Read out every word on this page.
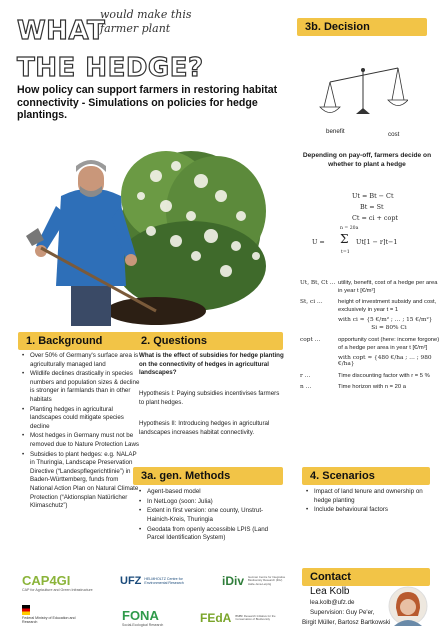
WHAT
would make this farmer plant
THE HEDGE?
How policy can support farmers in restoring habitat connectivity - Simulations on policies for hedge plantings.
3b. Decision
benefit	cost
Depending on pay-off, farmers decide on whether to plant a hedge
Ut = Bt − Ct
Bt = St
Ct = ci + copt
U =
n = 20a
Σ
t=1
Ut[1 − r]t−1
Ut, Bt, Ct … utility, benefit, cost of a hedge per area in year t [€/m²]
St, ci …	height of investment subsidy and cost, exclusively in year t = 1
with ci ≈ {5 €/m² ; … ; 15 €/m²}
Si = 80% Ci
copt …	opportunity cost (here: income forgone) of a hedge per area in year t [€/m²]
with copt ≈ {480 €/ha ; … ; 980 €/ha}
r …	Time discounting factor with r = 5 %
n …	Time horizon with n = 20 a
1. Background
• Over 50% of Germany's surface area is agriculturally managed land
• Wildlife declines drastically in species numbers and population sizes & decline is stronger in farmlands than in other habitats
• Planting hedges in agricultural landscapes could mitigate species decline
• Most hedges in Germany must not be removed due to Nature Protection Laws
• Subsidies to plant hedges: e.g. NALAP in Thuringia, Landscape Preservation Directive (“Landespflegerichtlinie”) in Baden-Württemberg, funds from National Action Plan on Natural Climate Protection (“Aktionsplan Natürlicher Klimaschutz”)
2. Questions
What is the effect of subsidies for hedge planting on the connectivity of hedges in agricultural landscapes?
Hypothesis I: Paying subsidies incentivises farmers to plant hedges.
Hypothesis II: Introducing hedges in agricultural landscapes increases habitat connectivity.
3a. gen. Methods
• Agent-based model
• In NetLogo (soon: Julia)
• Extent in first version: one county, Unstrut-Hainich-Kreis, Thuringia
• Geodata from openly accessible LPIS (Land Parcel Identification System)
4. Scenarios
• Impact of land tenure and ownership on hedge planting
• Include behavioural factors
CAP4GI
CAP for Agriculture and Green Infrastructure
UFZ HELMHOLTZ Centre for Environmental Research	iDiv German Centre for Integrative Biodiversity Research (iDiv) Halle-Jena-Leipzig
Federal Ministry of Education and Research	FONA
Social-Ecological Research	FEdA BMBF Research Initiative for the Conservation of Biodiversity
Contact
Lea Kolb
lea.kolb@ufz.de
Supervision: Guy Pe'er,
Birgit Müller, Bartosz Bartkowski
